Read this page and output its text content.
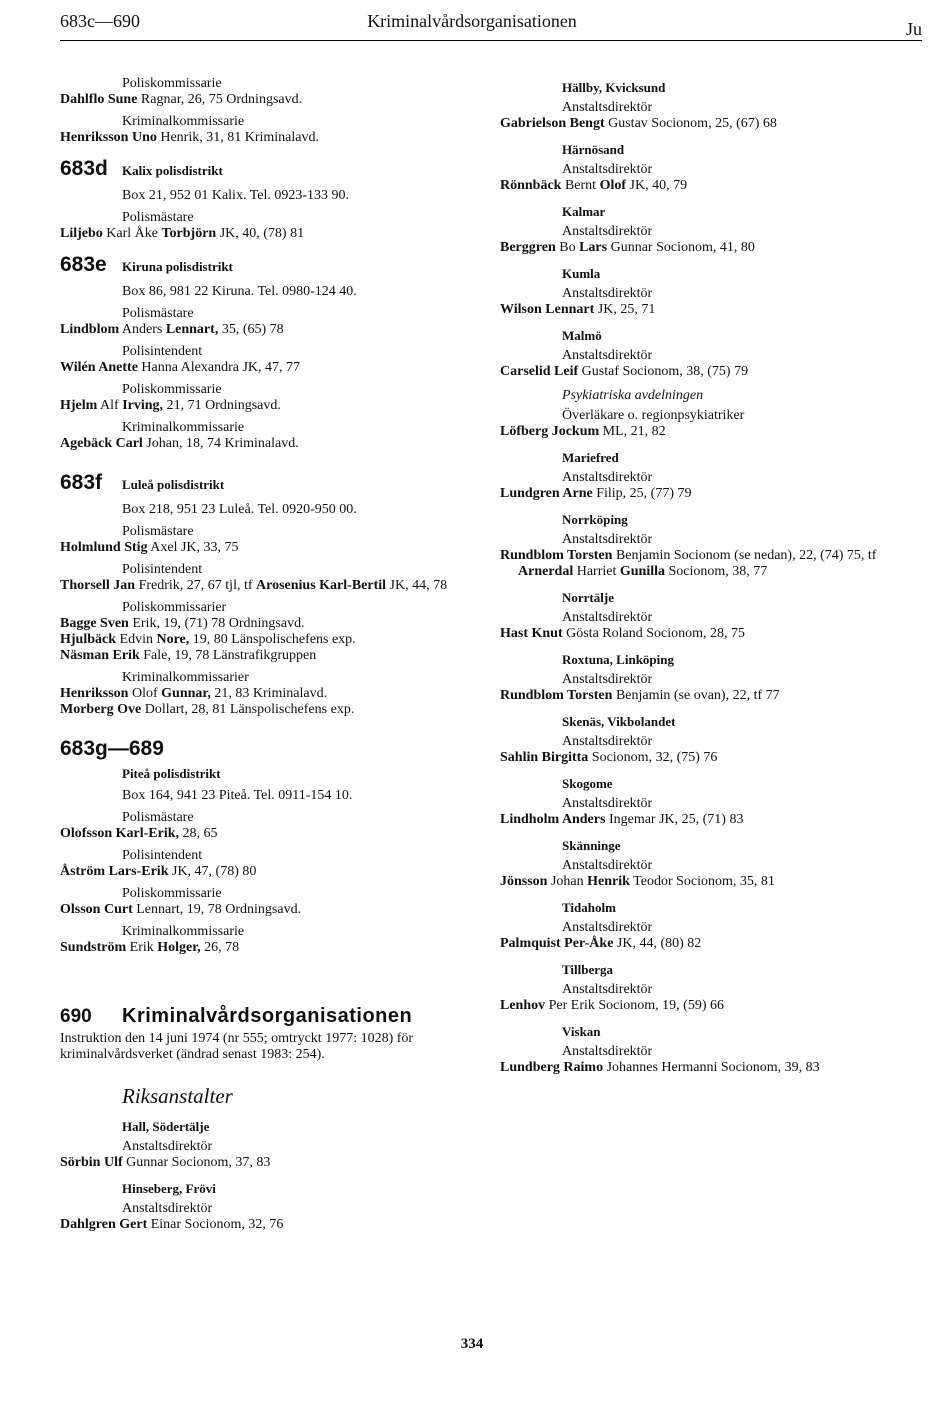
683c—690	Kriminalvårdsorganisationen	Ju
Poliskommissarie
Dahlflo Sune Ragnar, 26, 75 Ordningsavd.
Kriminalkommissarie
Henriksson Uno Henrik, 31, 81 Kriminalavd.
683d	Kalix polisdistrikt
Box 21, 952 01 Kalix. Tel. 0923-133 90.
Polismästare
Liljebo Karl Åke Torbjörn JK, 40, (78) 81
683e	Kiruna polisdistrikt
Box 86, 981 22 Kiruna. Tel. 0980-124 40.
Polismästare
Lindblom Anders Lennart, 35, (65) 78
Polisintendent
Wilén Anette Hanna Alexandra JK, 47, 77
Poliskommissarie
Hjelm Alf Irving, 21, 71 Ordningsavd.
Kriminalkommissarie
Agebäck Carl Johan, 18, 74 Kriminalavd.
683f	Luleå polisdistrikt
Box 218, 951 23 Luleå. Tel. 0920-950 00.
Polismästare
Holmlund Stig Axel JK, 33, 75
Polisintendent
Thorsell Jan Fredrik, 27, 67 tjl, tf Arosenius Karl-Bertil JK, 44, 78
Poliskommissarier
Bagge Sven Erik, 19, (71) 78 Ordningsavd.
Hjulbäck Edvin Nore, 19, 80 Länspolischefens exp.
Näsman Erik Fale, 19, 78 Länstrafikgruppen
Kriminalkommissarier
Henriksson Olof Gunnar, 21, 83 Kriminalavd.
Morberg Ove Dollart, 28, 81 Länspolischefens exp.
683g—689
Piteå polisdistrikt
Box 164, 941 23 Piteå. Tel. 0911-154 10.
Polismästare
Olofsson Karl-Erik, 28, 65
Polisintendent
Åström Lars-Erik JK, 47, (78) 80
Poliskommissarie
Olsson Curt Lennart, 19, 78 Ordningsavd.
Kriminalkommissarie
Sundström Erik Holger, 26, 78
690	Kriminalvårdsorganisationen
Instruktion den 14 juni 1974 (nr 555; omtryckt 1977: 1028) för kriminalvårdsverket (ändrad senast 1983: 254).
Riksanstalter
Hall, Södertälje
Anstaltsdirektör
Sörbin Ulf Gunnar Socionom, 37, 83
Hinseberg, Frövi
Anstaltsdirektör
Dahlgren Gert Einar Socionom, 32, 76
Hällby, Kvicksund
Anstaltsdirektör
Gabrielson Bengt Gustav Socionom, 25, (67) 68
Härnösand
Anstaltsdirektör
Rönnbäck Bernt Olof JK, 40, 79
Kalmar
Anstaltsdirektör
Berggren Bo Lars Gunnar Socionom, 41, 80
Kumla
Anstaltsdirektör
Wilson Lennart JK, 25, 71
Malmö
Anstaltsdirektör
Carselid Leif Gustaf Socionom, 38, (75) 79
Psykiatriska avdelningen
Överläkare o. regionpsykiatriker
Löfberg Jockum ML, 21, 82
Mariefred
Anstaltsdirektör
Lundgren Arne Filip, 25, (77) 79
Norrköping
Anstaltsdirektör
Rundblom Torsten Benjamin Socionom (se nedan), 22, (74) 75, tf Arnerdal Harriet Gunilla Socionom, 38, 77
Norrtälje
Anstaltsdirektör
Hast Knut Gösta Roland Socionom, 28, 75
Roxtuna, Linköping
Anstaltsdirektör
Rundblom Torsten Benjamin (se ovan), 22, tf 77
Skenäs, Vikbolandet
Anstaltsdirektör
Sahlin Birgitta Socionom, 32, (75) 76
Skogome
Anstaltsdirektör
Lindholm Anders Ingemar JK, 25, (71) 83
Skänninge
Anstaltsdirektör
Jönsson Johan Henrik Teodor Socionom, 35, 81
Tidaholm
Anstaltsdirektör
Palmquist Per-Åke JK, 44, (80) 82
Tillberga
Anstaltsdirektör
Lenhov Per Erik Socionom, 19, (59) 66
Viskan
Anstaltsdirektör
Lundberg Raimo Johannes Hermanni Socionom, 39, 83
334
